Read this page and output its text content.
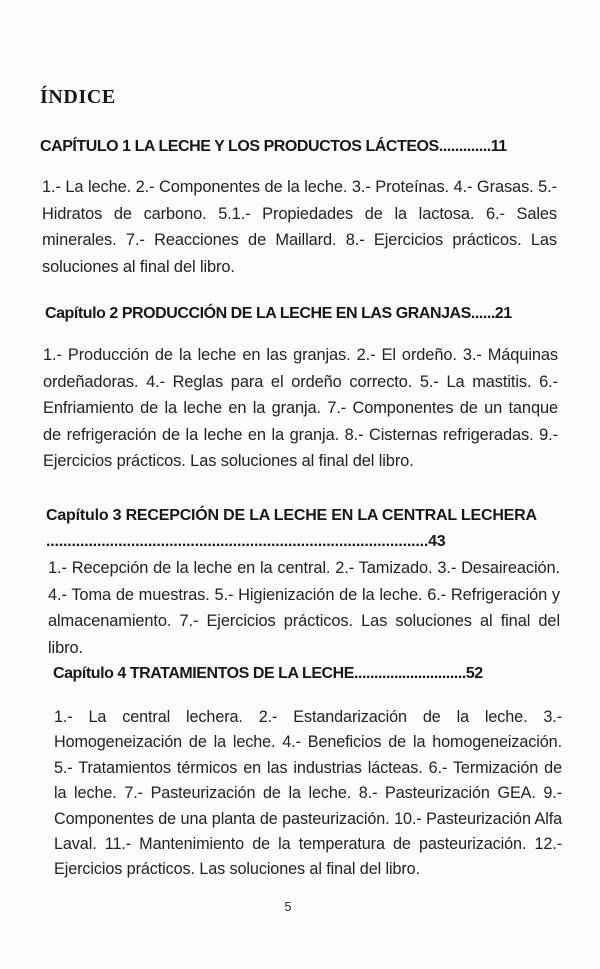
ÍNDICE
CAPÍTULO 1 LA LECHE Y LOS PRODUCTOS LÁCTEOS.............11

1.- La leche. 2.- Componentes de la leche. 3.- Proteínas. 4.- Grasas. 5.- Hidratos de carbono. 5.1.- Propiedades de la lactosa. 6.- Sales minerales. 7.- Reacciones de Maillard. 8.- Ejercicios prácticos. Las soluciones al final del libro.

Capítulo 2 PRODUCCIÓN DE LA LECHE EN LAS GRANJAS......21

1.- Producción de la leche en las granjas. 2.- El ordeño. 3.- Máquinas ordeñadoras. 4.- Reglas para el ordeño correcto. 5.- La mastitis. 6.- Enfriamiento de la leche en la granja. 7.- Componentes de un tanque de refrigeración de la leche en la granja. 8.- Cisternas refrigeradas. 9.- Ejercicios prácticos. Las soluciones al final del libro.

Capítulo 3 RECEPCIÓN DE LA LECHE EN LA CENTRAL LECHERA
..........................................................................................43

1.- Recepción de la leche en la central. 2.- Tamizado. 3.- Desaireación. 4.- Toma de muestras. 5.- Higienización de la leche. 6.- Refrigeración y almacenamiento. 7.- Ejercicios prácticos. Las soluciones al final del libro.

Capítulo 4 TRATAMIENTOS DE LA LECHE............................52

1.- La central lechera. 2.- Estandarización de la leche. 3.- Homogeneización de la leche. 4.- Beneficios de la homogeneización. 5.- Tratamientos térmicos en las industrias lácteas. 6.- Termización de la leche. 7.- Pasteurización de la leche. 8.- Pasteurización GEA. 9.- Componentes de una planta de pasteurización. 10.- Pasteurización Alfa Laval. 11.- Mantenimiento de la temperatura de pasteurización. 12.- Ejercicios prácticos. Las soluciones al final del libro.

5
